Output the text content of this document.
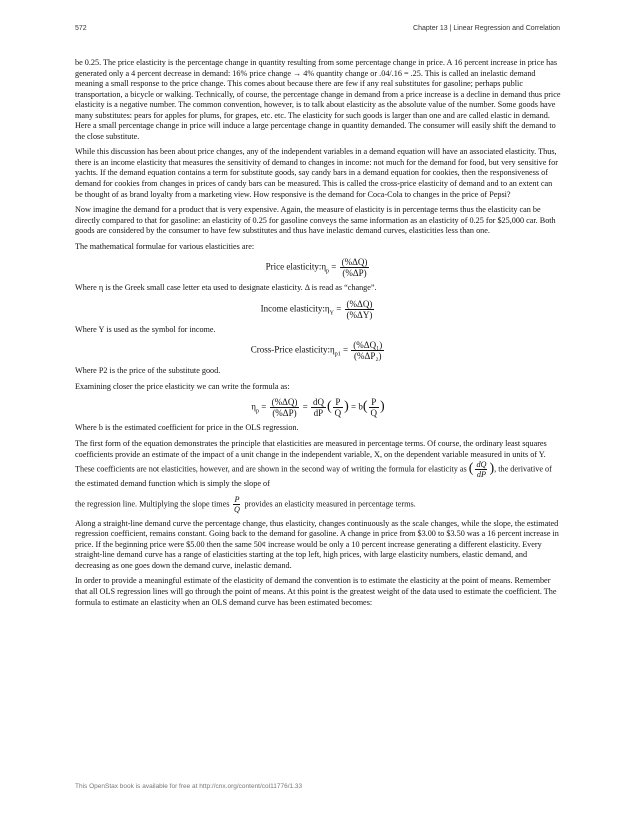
572	Chapter 13 | Linear Regression and Correlation

be 0.25. The price elasticity is the percentage change in quantity resulting from some percentage change in price. A 16 percent increase in price has generated only a 4 percent decrease in demand: 16% price change → 4% quantity change or .04/.16 = .25. This is called an inelastic demand meaning a small response to the price change. This comes about because there are few if any real substitutes for gasoline; perhaps public transportation, a bicycle or walking. Technically, of course, the percentage change in demand from a price increase is a decline in demand thus price elasticity is a negative number. The common convention, however, is to talk about elasticity as the absolute value of the number. Some goods have many substitutes: pears for apples for plums, for grapes, etc. etc. The elasticity for such goods is larger than one and are called elastic in demand. Here a small percentage change in price will induce a large percentage change in quantity demanded. The consumer will easily shift the demand to the close substitute.

While this discussion has been about price changes, any of the independent variables in a demand equation will have an associated elasticity. Thus, there is an income elasticity that measures the sensitivity of demand to changes in income: not much for the demand for food, but very sensitive for yachts. If the demand equation contains a term for substitute goods, say candy bars in a demand equation for cookies, then the responsiveness of demand for cookies from changes in prices of candy bars can be measured. This is called the cross-price elasticity of demand and to an extent can be thought of as brand loyalty from a marketing view. How responsive is the demand for Coca-Cola to changes in the price of Pepsi?

Now imagine the demand for a product that is very expensive. Again, the measure of elasticity is in percentage terms thus the elasticity can be directly compared to that for gasoline: an elasticity of 0.25 for gasoline conveys the same information as an elasticity of 0.25 for $25,000 car. Both goods are considered by the consumer to have few substitutes and thus have inelastic demand curves, elasticities less than one.

The mathematical formulae for various elasticities are:

Price $elasticity:\eta_p = \frac{(\%\Delta Q)}{(\%\Delta P)}$

Where η is the Greek small case letter eta used to designate elasticity. Δ is read as “change”.

Income $elasticity:\eta_Y = \frac{(\%\Delta Q)}{(\%\Delta Y)}$

Where Y is used as the symbol for income.

Cross-Price $elasticity:\eta_{p1} = \frac{\text{(\%ΔQ₁)}}{\text{(\%ΔP₂)}}$

Where P2 is the price of the substitute good.

Examining closer the price elasticity we can write the formula as:

$\eta_p = \frac{(\%\Delta Q)}{(\%\Delta P)} = \frac{dQ}{dP}$ ( $\frac{P}{Q}$ ) = $b( \frac{P}{Q}$ )

Where b is the estimated coefficient for price in the OLS regression.

The first form of the equation demonstrates the principle that elasticities are measured in percentage terms. Of course, the ordinary least squares coefficients provide an estimate of the impact of a unit change in the independent variable, X, on the dependent variable measured in units of Y. These coefficients are not elasticities, however, and are shown in the second way of writing the formula for elasticity as ( $\frac{dQ}{dP}$ ), the derivative of the estimated demand function which is simply the slope of

the regression line. Multiplying the slope times $\frac{P}{Q}$ provides an elasticity measured in percentage terms.

Along a straight-line demand curve the percentage change, thus elasticity, changes continuously as the scale changes, while the slope, the estimated regression coefficient, remains constant. Going back to the demand for gasoline. A change in price from $3.00 to $3.50 was a 16 percent increase in price. If the beginning price were $5.00 then the same 50¢ increase would be only a 10 percent increase generating a different elasticity. Every straight-line demand curve has a range of elasticities starting at the top left, high prices, with large elasticity numbers, elastic demand, and decreasing as one goes down the demand curve, inelastic demand.

In order to provide a meaningful estimate of the elasticity of demand the convention is to estimate the elasticity at the point of means. Remember that all OLS regression lines will go through the point of means. At this point is the greatest weight of the data used to estimate the coefficient. The formula to estimate an elasticity when an OLS demand curve has been estimated becomes:

This OpenStax book is available for free at http://cnx.org/content/col11776/1.33
